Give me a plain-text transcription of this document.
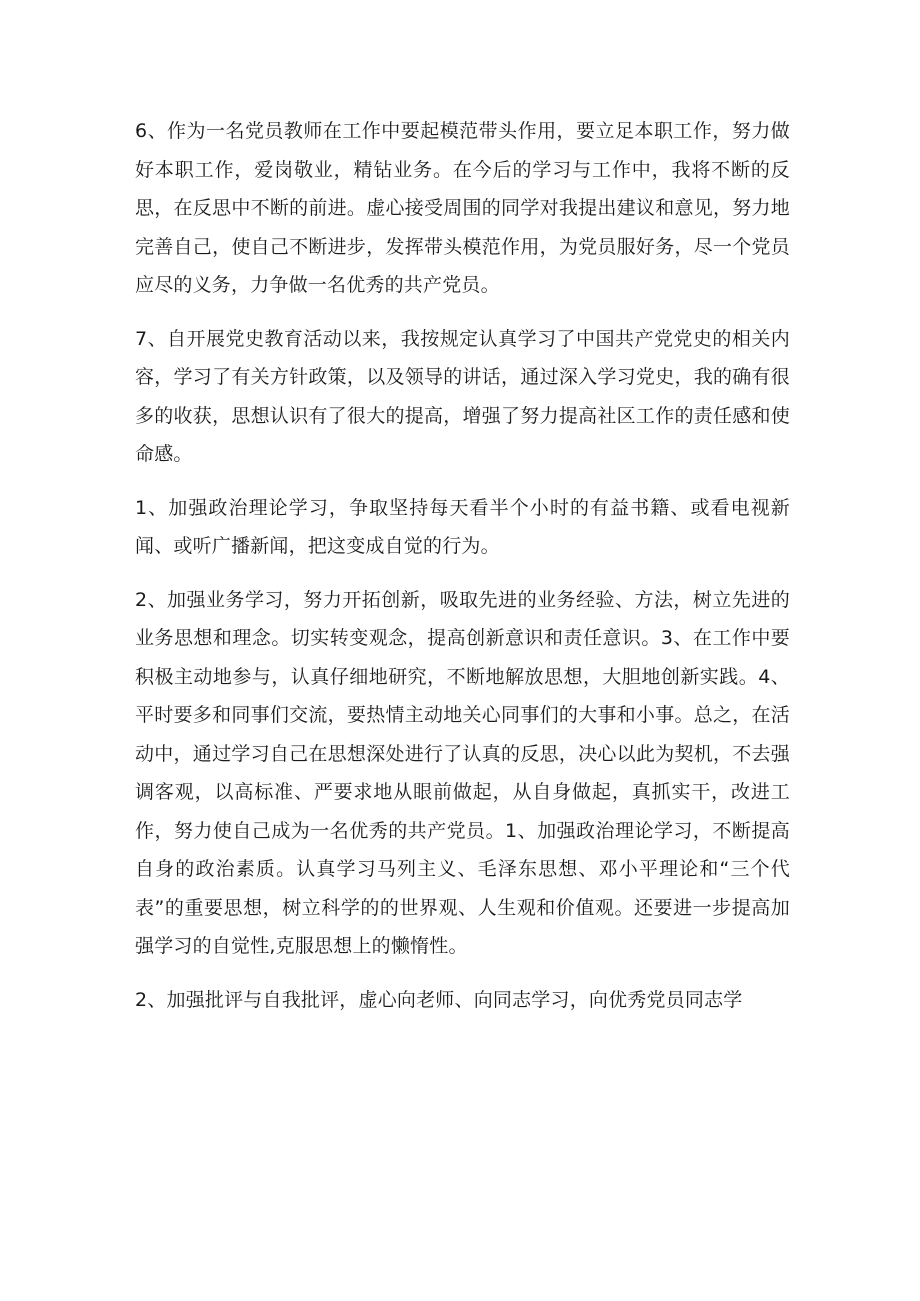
6、作为一名党员教师在工作中要起模范带头作用，要立足本职工作，努力做好本职工作，爱岗敬业，精钻业务。在今后的学习与工作中，我将不断的反思，在反思中不断的前进。虚心接受周围的同学对我提出建议和意见，努力地完善自己，使自己不断进步，发挥带头模范作用，为党员服好务，尽一个党员应尽的义务，力争做一名优秀的共产党员。

7、自开展党史教育活动以来，我按规定认真学习了中国共产党党史的相关内容，学习了有关方针政策，以及领导的讲话，通过深入学习党史，我的确有很多的收获，思想认识有了很大的提高，增强了努力提高社区工作的责任感和使命感。

1、加强政治理论学习，争取坚持每天看半个小时的有益书籍、或看电视新闻、或听广播新闻，把这变成自觉的行为。

2、加强业务学习，努力开拓创新，吸取先进的业务经验、方法，树立先进的业务思想和理念。切实转变观念，提高创新意识和责任意识。3、在工作中要积极主动地参与，认真仔细地研究，不断地解放思想，大胆地创新实践。4、平时要多和同事们交流，要热情主动地关心同事们的大事和小事。总之，在活动中，通过学习自己在思想深处进行了认真的反思，决心以此为契机，不去强调客观，以高标准、严要求地从眼前做起，从自身做起，真抓实干，改进工作，努力使自己成为一名优秀的共产党员。1、加强政治理论学习，不断提高自身的政治素质。认真学习马列主义、毛泽东思想、邓小平理论和“三个代表”的重要思想，树立科学的的世界观、人生观和价值观。还要进一步提高加强学习的自觉性,克服思想上的懒惰性。

2、加强批评与自我批评，虚心向老师、向同志学习，向优秀党员同志学
